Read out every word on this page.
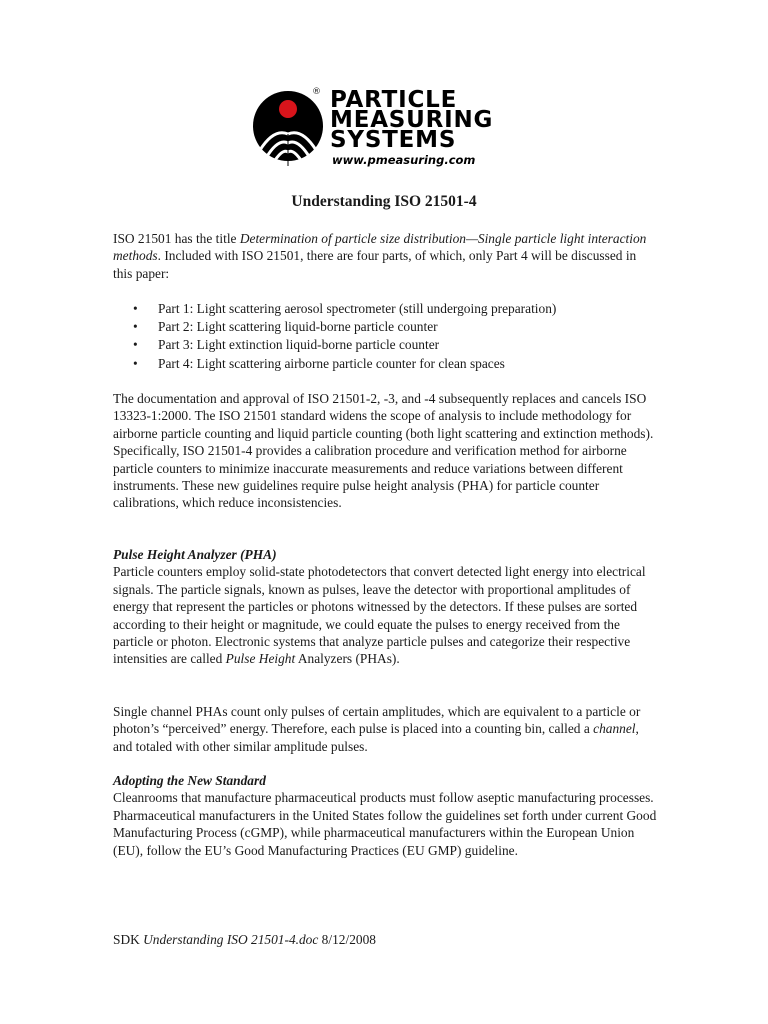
® PARTICLE
MEASURING
SYSTEMS
www.pmeasuring.com
Understanding ISO 21501-4

ISO 21501 has the title Determination of particle size distribution—Single particle light interaction methods. Included with ISO 21501, there are four parts, of which, only Part 4 will be discussed in this paper:

• Part 1: Light scattering aerosol spectrometer (still undergoing preparation)
• Part 2: Light scattering liquid-borne particle counter
• Part 3: Light extinction liquid-borne particle counter
• Part 4: Light scattering airborne particle counter for clean spaces

The documentation and approval of ISO 21501-2, -3, and -4 subsequently replaces and cancels ISO 13323-1:2000. The ISO 21501 standard widens the scope of analysis to include methodology for airborne particle counting and liquid particle counting (both light scattering and extinction methods). Specifically, ISO 21501-4 provides a calibration procedure and verification method for airborne particle counters to minimize inaccurate measurements and reduce variations between different instruments. These new guidelines require pulse height analysis (PHA) for particle counter calibrations, which reduce inconsistencies.

Pulse Height Analyzer (PHA)

Particle counters employ solid-state photodetectors that convert detected light energy into electrical signals. The particle signals, known as pulses, leave the detector with proportional amplitudes of energy that represent the particles or photons witnessed by the detectors. If these pulses are sorted according to their height or magnitude, we could equate the pulses to energy received from the particle or photon. Electronic systems that analyze particle pulses and categorize their respective intensities are called Pulse Height Analyzers (PHAs).

Single channel PHAs count only pulses of certain amplitudes, which are equivalent to a particle or photon’s “perceived” energy. Therefore, each pulse is placed into a counting bin, called a channel, and totaled with other similar amplitude pulses.

Adopting the New Standard

Cleanrooms that manufacture pharmaceutical products must follow aseptic manufacturing processes. Pharmaceutical manufacturers in the United States follow the guidelines set forth under current Good Manufacturing Process (cGMP), while pharmaceutical manufacturers within the European Union (EU), follow the EU’s Good Manufacturing Practices (EU GMP) guideline.

SDK Understanding ISO 21501-4.doc 8/12/2008
